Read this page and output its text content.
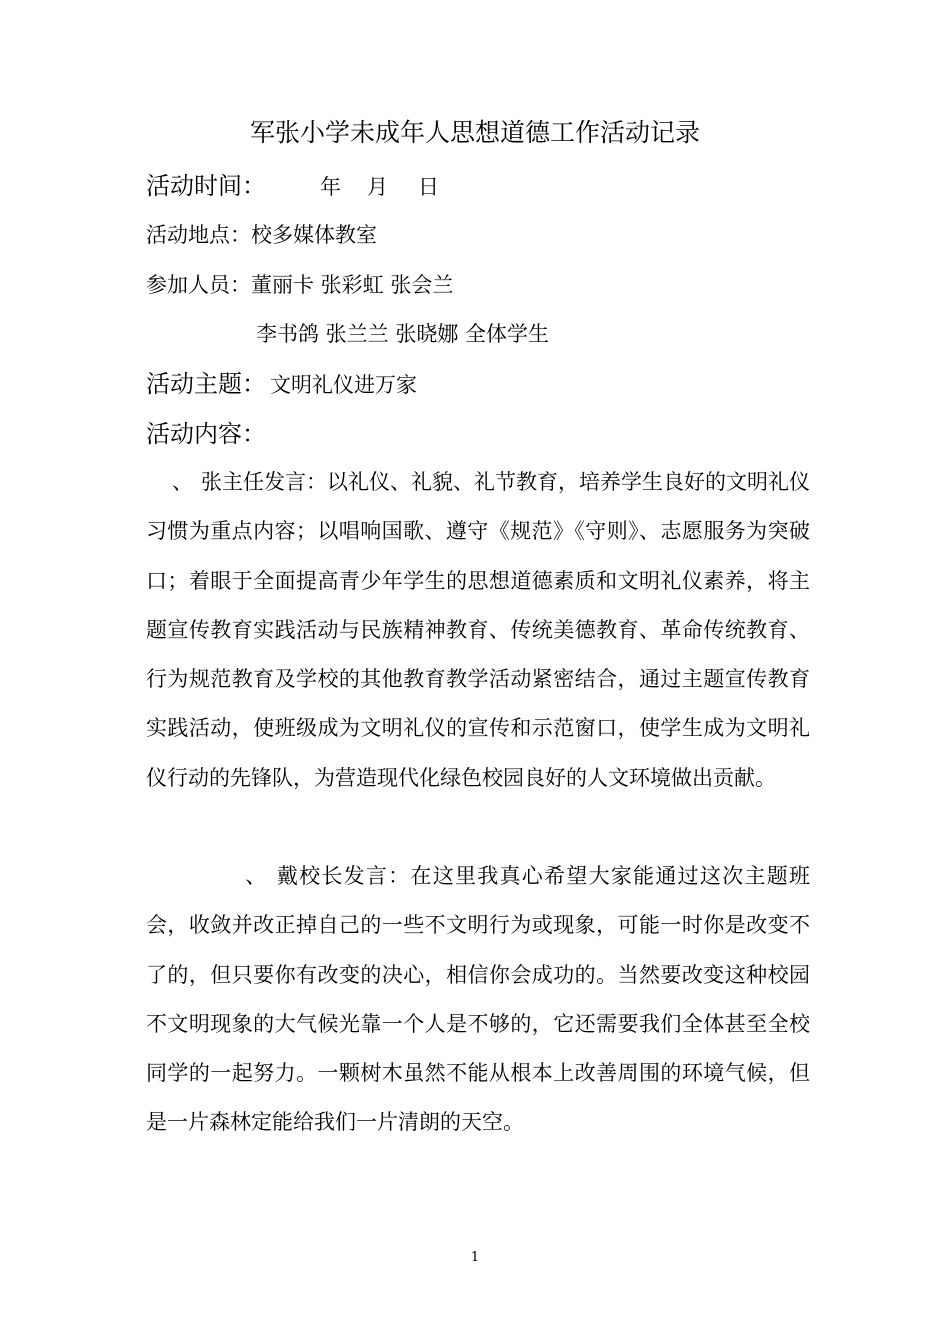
军张小学未成年人思想道德工作活动记录
活动时间：	年 月 日
活动地点：校多媒体教室
参加人员：董丽卡 张彩虹 张会兰
李书鸽 张兰兰 张晓娜 全体学生
活动主题： 文明礼仪进万家
活动内容：
、 张主任发言：以礼仪、礼貌、礼节教育，培养学生良好的文明礼仪习惯为重点内容；以唱响国歌、遵守《规范》《守则》、志愿服务为突破口；着眼于全面提高青少年学生的思想道德素质和文明礼仪素养，将主题宣传教育实践活动与民族精神教育、传统美德教育、革命传统教育、行为规范教育及学校的其他教育教学活动紧密结合，通过主题宣传教育实践活动，使班级成为文明礼仪的宣传和示范窗口，使学生成为文明礼仪行动的先锋队，为营造现代化绿色校园良好的人文环境做出贡献。
、 戴校长发言：在这里我真心希望大家能通过这次主题班会，收敛并改正掉自己的一些不文明行为或现象，可能一时你是改变不了的，但只要你有改变的决心，相信你会成功的。当然要改变这种校园不文明现象的大气候光靠一个人是不够的，它还需要我们全体甚至全校同学的一起努力。一颗树木虽然不能从根本上改善周围的环境气候，但是一片森林定能给我们一片清朗的天空。
1
